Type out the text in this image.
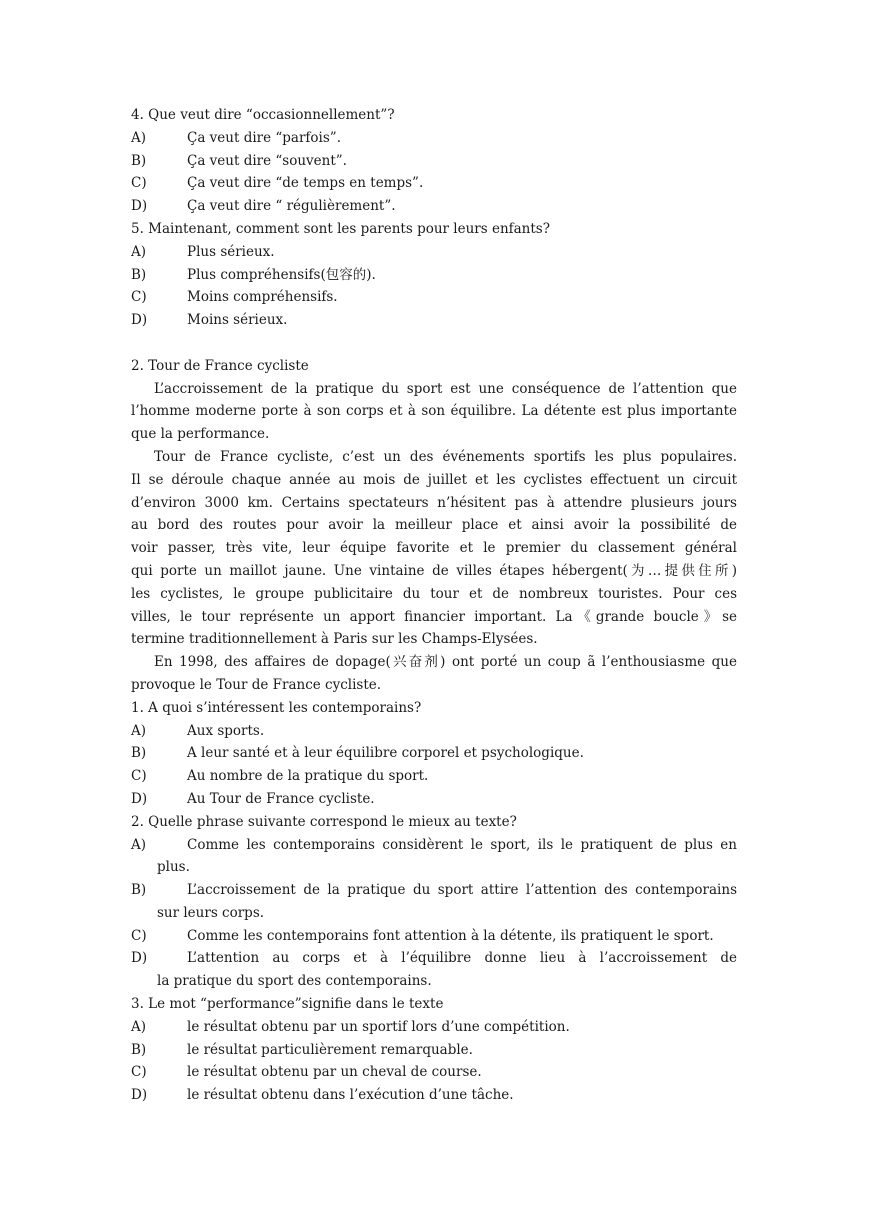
4. Que veut dire “occasionnellement”?
A)	Ça veut dire “parfois”.
B)	Ça veut dire “souvent”.
C)	Ça veut dire “de temps en temps”.
D)	Ça veut dire “ régulièrement”.
5. Maintenant, comment sont les parents pour leurs enfants?
A)	Plus sérieux.
B)	Plus compréhensifs(包容的).
C)	Moins compréhensifs.
D)	Moins sérieux.
2. Tour de France cycliste
L’accroissement de la pratique du sport est une conséquence de l’attention que
l’homme moderne porte à son corps et à son équilibre. La détente est plus importante
que la performance.
Tour de France cycliste, c’est un des événements sportifs les plus populaires.
Il se déroule chaque année au mois de juillet et les cyclistes effectuent un circuit
d’environ 3000 km. Certains spectateurs n’hésitent pas à attendre plusieurs jours
au bord des routes pour avoir la meilleur place et ainsi avoir la possibilité de
voir passer, très vite, leur équipe favorite et le premier du classement général
qui porte un maillot jaune. Une vintaine de villes étapes hébergent(为…提供住所)
les cyclistes, le groupe publicitaire du tour et de nombreux touristes. Pour ces
villes, le tour représente un apport financier important. La《grande boucle》se
termine traditionnellement à Paris sur les Champs-Elysées.
En 1998, des affaires de dopage(兴奋剂) ont porté un coup ã l’enthousiasme que
provoque le Tour de France cycliste.
1. A quoi s’intéressent les contemporains?
A)	Aux sports.
B)	A leur santé et à leur équilibre corporel et psychologique.
C)	Au nombre de la pratique du sport.
D)	Au Tour de France cycliste.
2. Quelle phrase suivante correspond le mieux au texte?
A)	Comme les contemporains considèrent le sport, ils le pratiquent de plus en
plus.
B)	L’accroissement de la pratique du sport attire l’attention des contemporains
sur leurs corps.
C)	Comme les contemporains font attention à la détente, ils pratiquent le sport.
D)	L’attention au corps et à l’équilibre donne lieu à l’accroissement de
la pratique du sport des contemporains.
3. Le mot “performance”signifie dans le texte
A)	le résultat obtenu par un sportif lors d’une compétition.
B)	le résultat particulièrement remarquable.
C)	le résultat obtenu par un cheval de course.
D)	le résultat obtenu dans l’exécution d’une tâche.
